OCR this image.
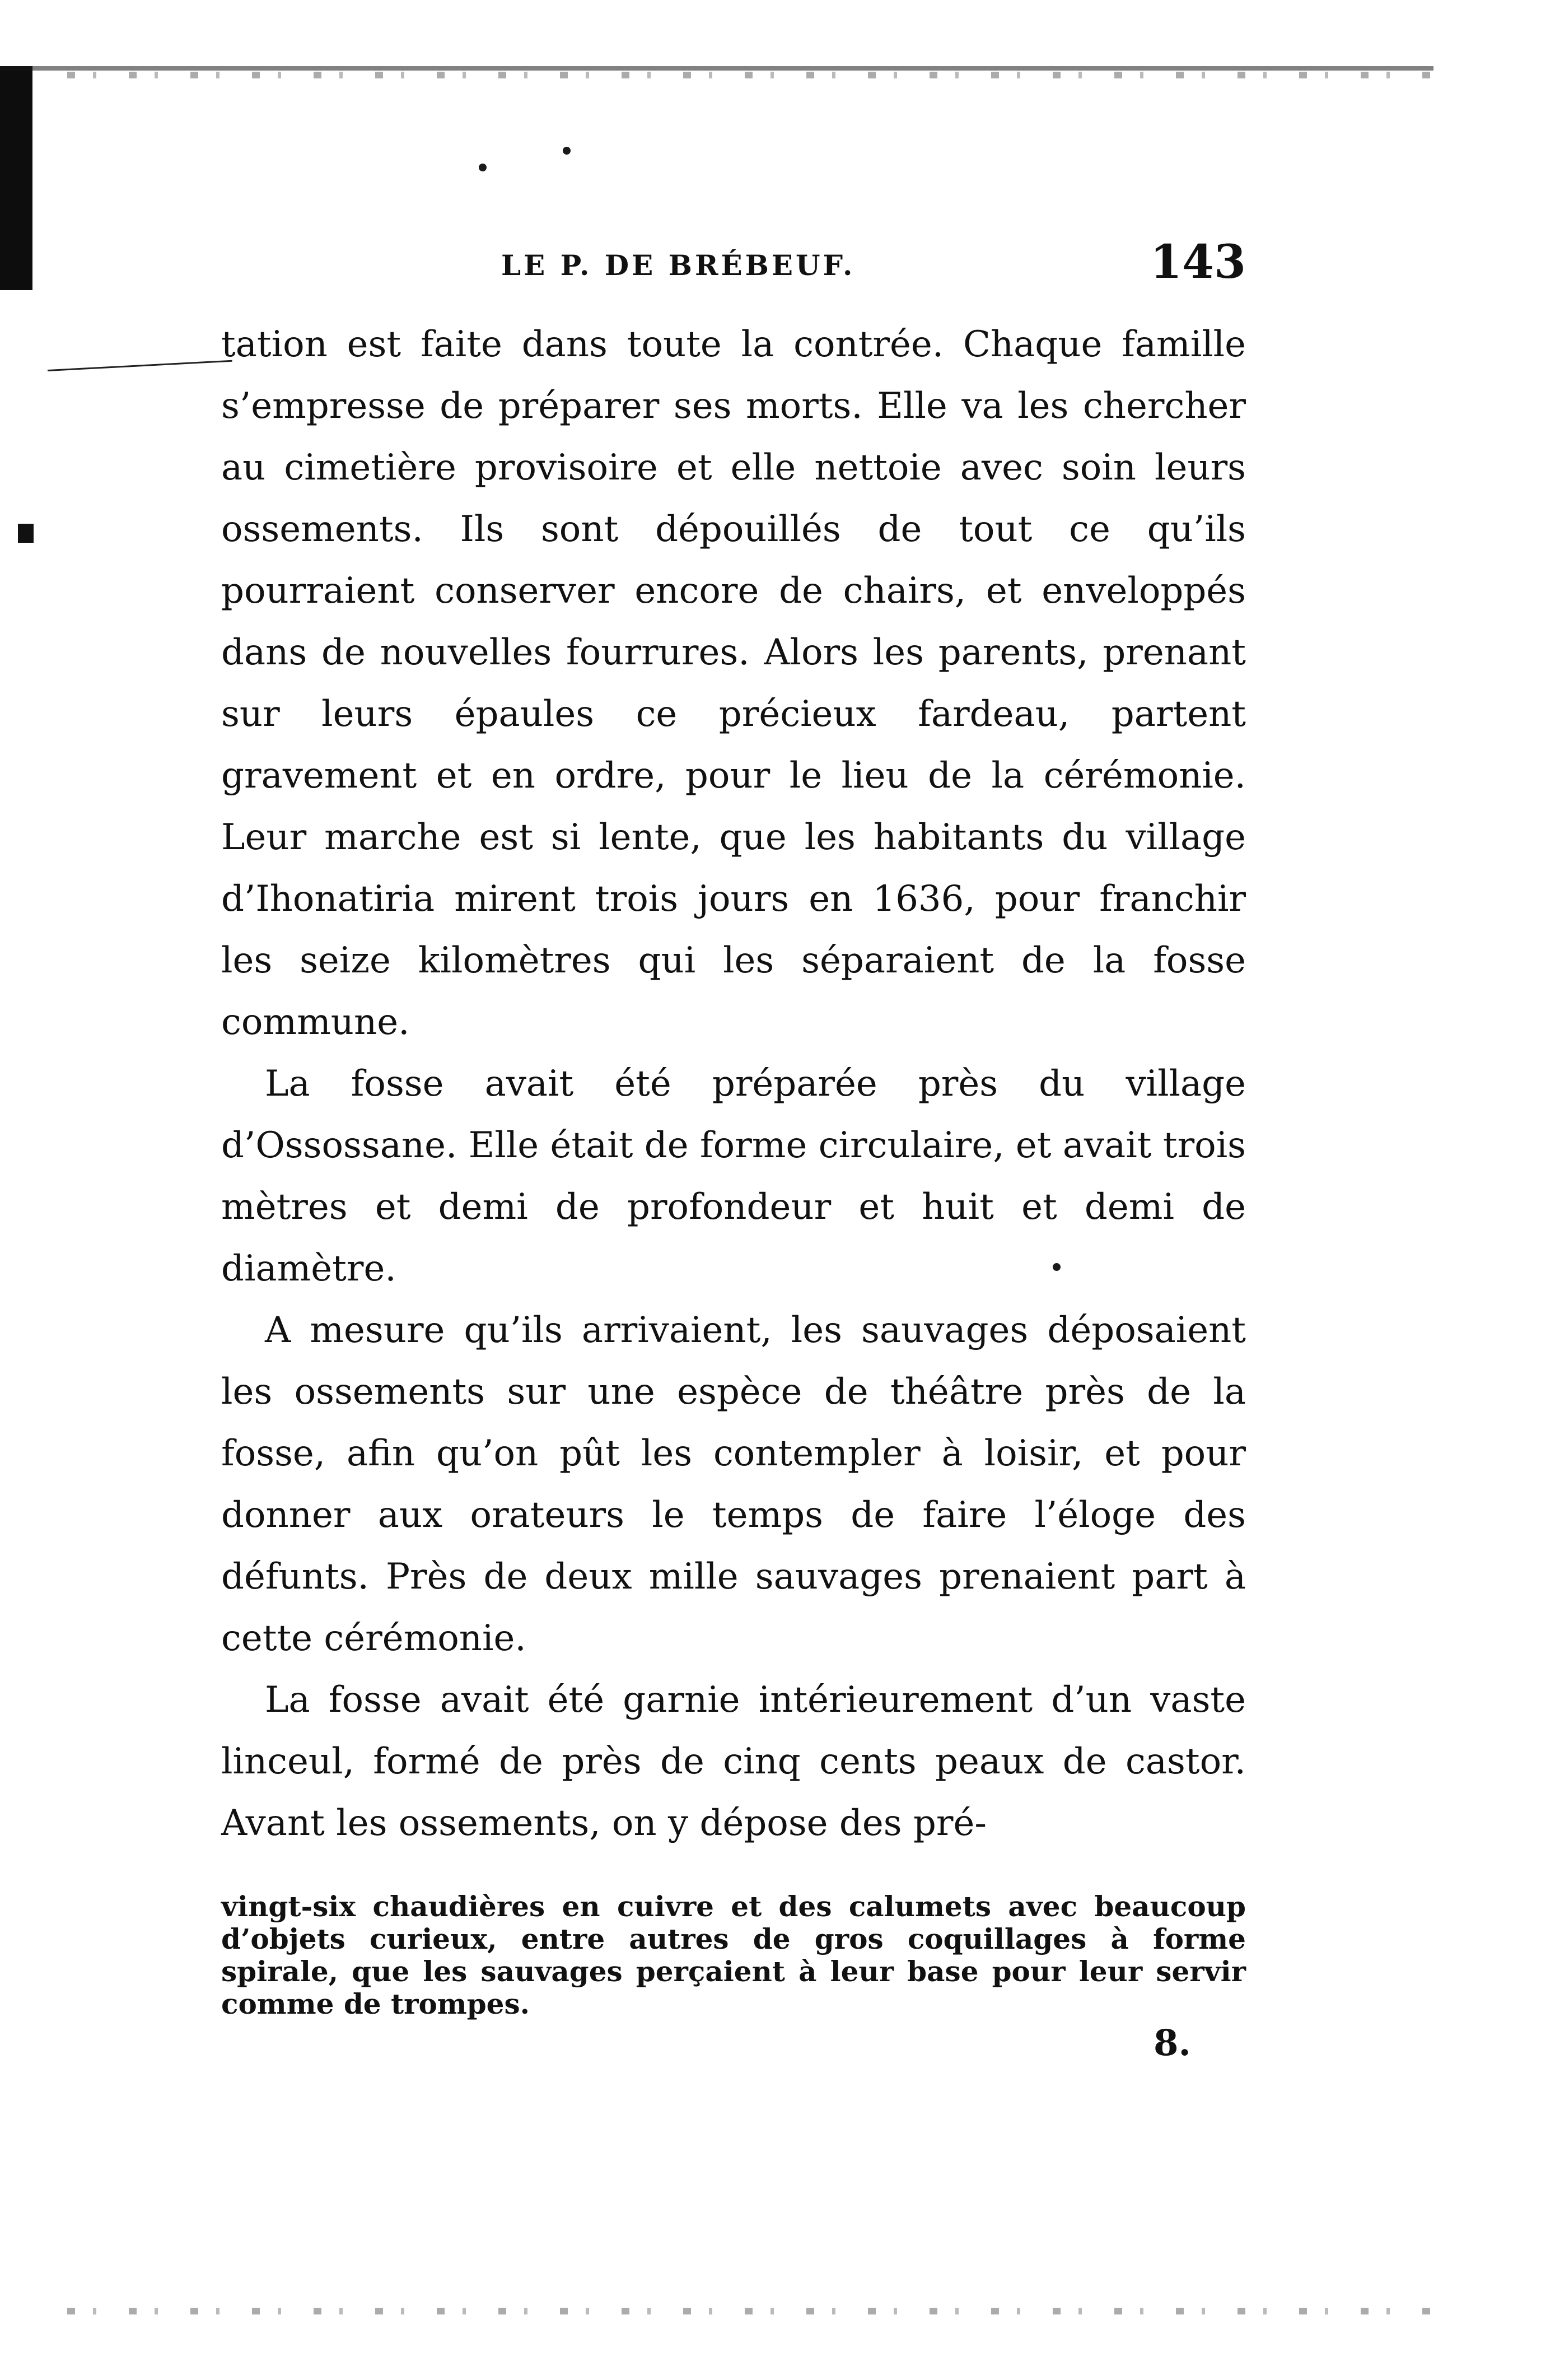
LE P. DE BRÉBEUF.	143

tation est faite dans toute la contrée. Chaque famille s’empresse de préparer ses morts. Elle va les chercher au cimetière provisoire et elle nettoie avec soin leurs ossements. Ils sont dépouillés de tout ce qu’ils pourraient conserver encore de chairs, et enveloppés dans de nouvelles fourrures. Alors les parents, prenant sur leurs épaules ce précieux fardeau, partent gravement et en ordre, pour le lieu de la cérémonie. Leur marche est si lente, que les habitants du village d’Ihonatiria mirent trois jours en 1636, pour franchir les seize kilomètres qui les séparaient de la fosse commune.

La fosse avait été préparée près du village d’Ossossane. Elle était de forme circulaire, et avait trois mètres et demi de profondeur et huit et demi de diamètre.

A mesure qu’ils arrivaient, les sauvages déposaient les ossements sur une espèce de théâtre près de la fosse, afin qu’on pût les contempler à loisir, et pour donner aux orateurs le temps de faire l’éloge des défunts. Près de deux mille sauvages prenaient part à cette cérémonie.

La fosse avait été garnie intérieurement d’un vaste linceul, formé de près de cinq cents peaux de castor. Avant les ossements, on y dépose des pré-

vingt-six chaudières en cuivre et des calumets avec beaucoup d’objets curieux, entre autres de gros coquillages à forme spirale, que les sauvages perçaient à leur base pour leur servir comme de trompes.
8.
